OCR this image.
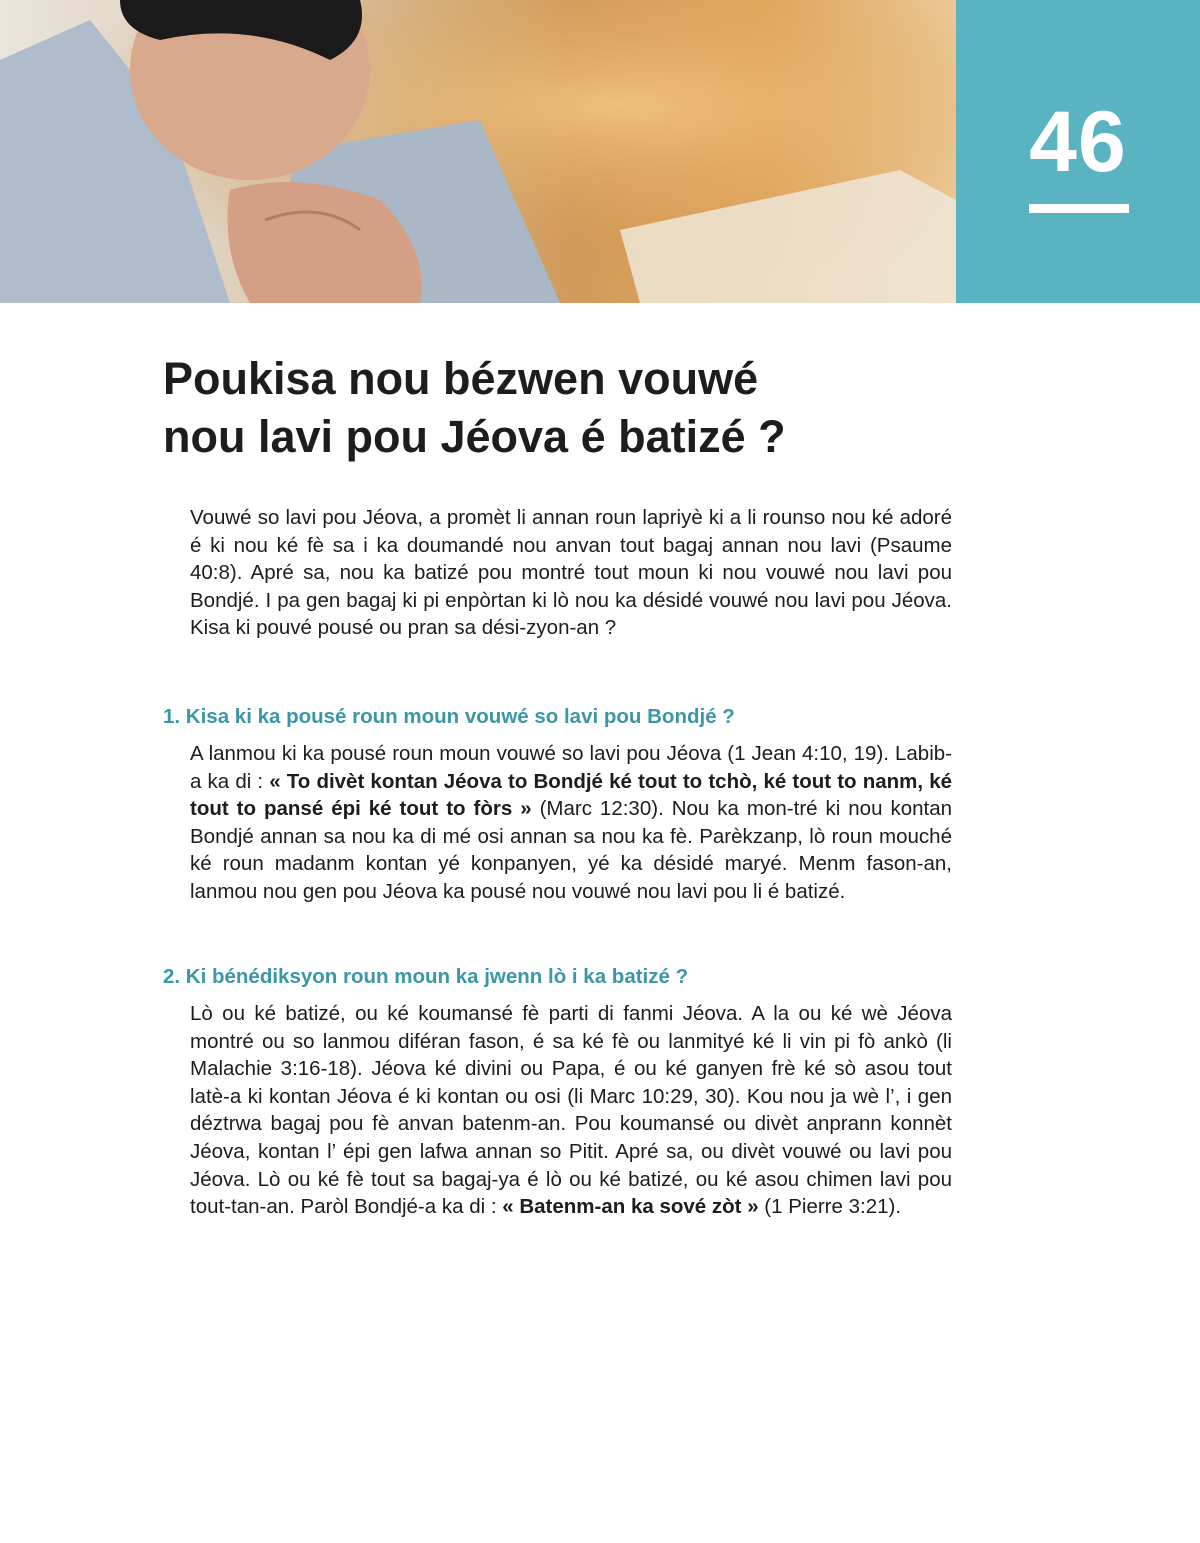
46
Poukisa nou bézwen vouwé
nou lavi pou Jéova é batizé ?

Vouwé so lavi pou Jéova, a promèt li annan roun lapriyè ki a li rounso nou ké adoré é ki nou ké fè sa i ka doumandé nou anvan tout bagaj annan nou lavi (Psaume 40:8). Apré sa, nou ka batizé pou montré tout moun ki nou vouwé nou lavi pou Bondjé. I pa gen bagaj ki pi enpòrtan ki lò nou ka désidé vouwé nou lavi pou Jéova. Kisa ki pouvé pousé ou pran sa dési-zyon-an ?

1. Kisa ki ka pousé roun moun vouwé so lavi pou Bondjé ?

A lanmou ki ka pousé roun moun vouwé so lavi pou Jéova (1 Jean 4:10, 19). Labib-a ka di : « To divèt kontan Jéova to Bondjé ké tout to tchò, ké tout to nanm, ké tout to pansé épi ké tout to fòrs » (Marc 12:30). Nou ka mon-tré ki nou kontan Bondjé annan sa nou ka di mé osi annan sa nou ka fè. Parèkzanp, lò roun mouché ké roun madanm kontan yé konpanyen, yé ka désidé maryé. Menm fason-an, lanmou nou gen pou Jéova ka pousé nou vouwé nou lavi pou li é batizé.

2. Ki bénédiksyon roun moun ka jwenn lò i ka batizé ?

Lò ou ké batizé, ou ké koumansé fè parti di fanmi Jéova. A la ou ké wè Jéova montré ou so lanmou diféran fason, é sa ké fè ou lanmityé ké li vin pi fò ankò (li Malachie 3:16-18). Jéova ké divini ou Papa, é ou ké ganyen frè ké sò asou tout latè-a ki kontan Jéova é ki kontan ou osi (li Marc 10:29, 30). Kou nou ja wè l’, i gen déztrwa bagaj pou fè anvan batenm-an. Pou koumansé ou divèt anprann konnèt Jéova, kontan l’ épi gen lafwa annan so Pitit. Apré sa, ou divèt vouwé ou lavi pou Jéova. Lò ou ké fè tout sa bagaj-ya é lò ou ké batizé, ou ké asou chimen lavi pou tout-tan-an. Paròl Bondjé-a ka di : « Batenm-an ka sové zòt » (1 Pierre 3:21).
